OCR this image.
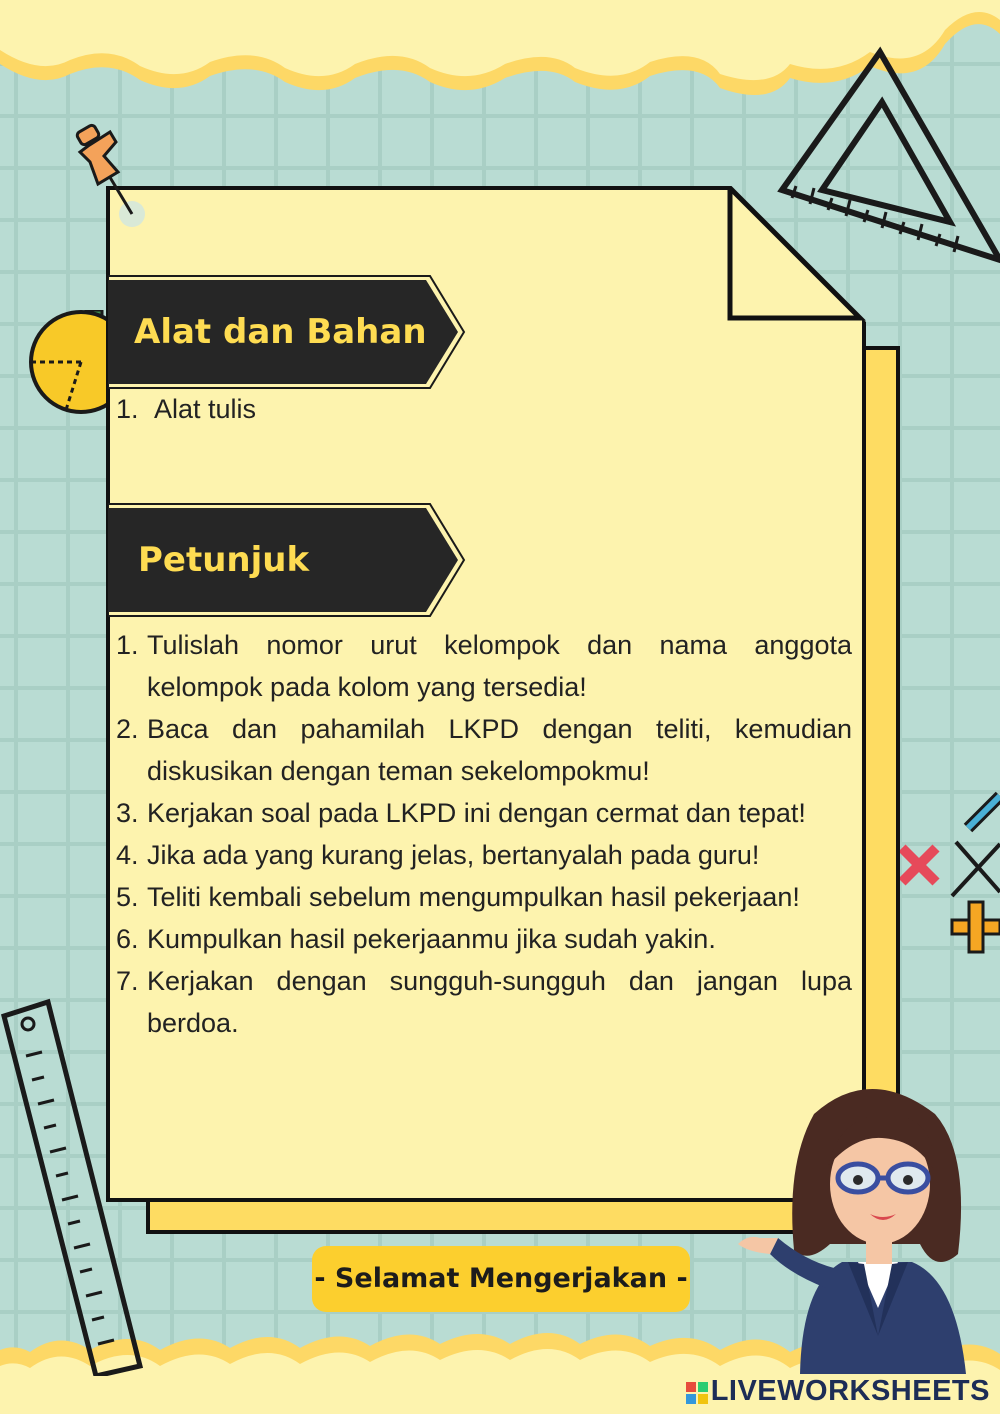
Alat dan Bahan
1. Alat tulis
Petunjuk
1. Tulislah nomor urut kelompok dan nama anggota kelompok pada kolom yang tersedia!
2. Baca dan pahamilah LKPD dengan teliti, kemudian diskusikan dengan teman sekelompokmu!
3. Kerjakan soal pada LKPD ini dengan cermat dan tepat!
4. Jika ada yang kurang jelas, bertanyalah pada guru!
5. Teliti kembali sebelum mengumpulkan hasil pekerjaan!
6. Kumpulkan hasil pekerjaanmu jika sudah yakin.
7. Kerjakan dengan sungguh-sungguh dan jangan lupa berdoa.
- Selamat Mengerjakan -
LIVEWORKSHEETS
